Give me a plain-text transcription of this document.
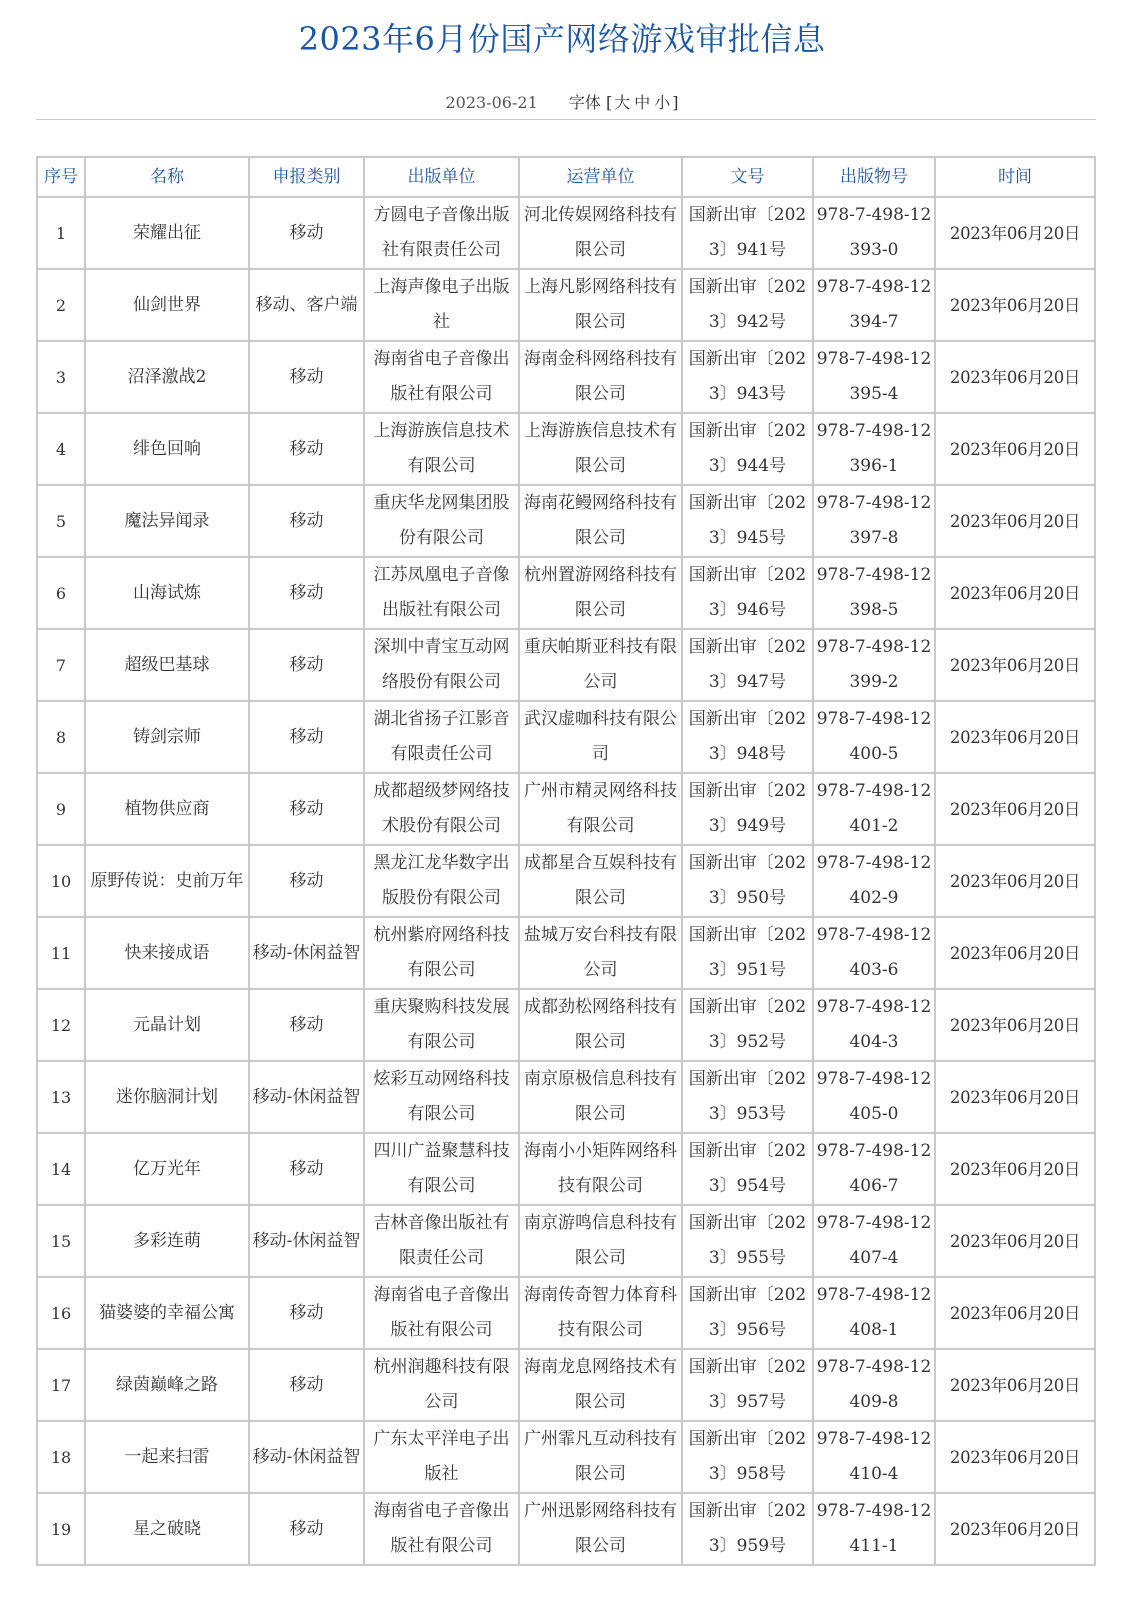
2023年6月份国产网络游戏审批信息
2023-06-21 字体 [ 大 中 小 ]
序号	名称	申报类别	出版单位	运营单位	文号	出版物号	时间
1	荣耀出征	移动	方圆电子音像出版社有限责任公司	河北传娱网络科技有限公司	国新出审〔2023〕941号	978-7-498-12393-0	2023年06月20日
2	仙剑世界	移动、客户端	上海声像电子出版社	上海凡影网络科技有限公司	国新出审〔2023〕942号	978-7-498-12394-7	2023年06月20日
3	沼泽激战2	移动	海南省电子音像出版社有限公司	海南金科网络科技有限公司	国新出审〔2023〕943号	978-7-498-12395-4	2023年06月20日
4	绯色回响	移动	上海游族信息技术有限公司	上海游族信息技术有限公司	国新出审〔2023〕944号	978-7-498-12396-1	2023年06月20日
5	魔法异闻录	移动	重庆华龙网集团股份有限公司	海南花鳗网络科技有限公司	国新出审〔2023〕945号	978-7-498-12397-8	2023年06月20日
6	山海试炼	移动	江苏凤凰电子音像出版社有限公司	杭州置游网络科技有限公司	国新出审〔2023〕946号	978-7-498-12398-5	2023年06月20日
7	超级巴基球	移动	深圳中青宝互动网络股份有限公司	重庆帕斯亚科技有限公司	国新出审〔2023〕947号	978-7-498-12399-2	2023年06月20日
8	铸剑宗师	移动	湖北省扬子江影音有限责任公司	武汉虚咖科技有限公司	国新出审〔2023〕948号	978-7-498-12400-5	2023年06月20日
9	植物供应商	移动	成都超级梦网络技术股份有限公司	广州市精灵网络科技有限公司	国新出审〔2023〕949号	978-7-498-12401-2	2023年06月20日
10	原野传说：史前万年	移动	黑龙江龙华数字出版股份有限公司	成都星合互娱科技有限公司	国新出审〔2023〕950号	978-7-498-12402-9	2023年06月20日
11	快来接成语	移动-休闲益智	杭州紫府网络科技有限公司	盐城万安台科技有限公司	国新出审〔2023〕951号	978-7-498-12403-6	2023年06月20日
12	元晶计划	移动	重庆聚购科技发展有限公司	成都劲松网络科技有限公司	国新出审〔2023〕952号	978-7-498-12404-3	2023年06月20日
13	迷你脑洞计划	移动-休闲益智	炫彩互动网络科技有限公司	南京原极信息科技有限公司	国新出审〔2023〕953号	978-7-498-12405-0	2023年06月20日
14	亿万光年	移动	四川广益聚慧科技有限公司	海南小小矩阵网络科技有限公司	国新出审〔2023〕954号	978-7-498-12406-7	2023年06月20日
15	多彩连萌	移动-休闲益智	吉林音像出版社有限责任公司	南京游鸣信息科技有限公司	国新出审〔2023〕955号	978-7-498-12407-4	2023年06月20日
16	猫婆婆的幸福公寓	移动	海南省电子音像出版社有限公司	海南传奇智力体育科技有限公司	国新出审〔2023〕956号	978-7-498-12408-1	2023年06月20日
17	绿茵巅峰之路	移动	杭州润趣科技有限公司	海南龙息网络技术有限公司	国新出审〔2023〕957号	978-7-498-12409-8	2023年06月20日
18	一起来扫雷	移动-休闲益智	广东太平洋电子出版社	广州霏凡互动科技有限公司	国新出审〔2023〕958号	978-7-498-12410-4	2023年06月20日
19	星之破晓	移动	海南省电子音像出版社有限公司	广州迅影网络科技有限公司	国新出审〔2023〕959号	978-7-498-12411-1	2023年06月20日
